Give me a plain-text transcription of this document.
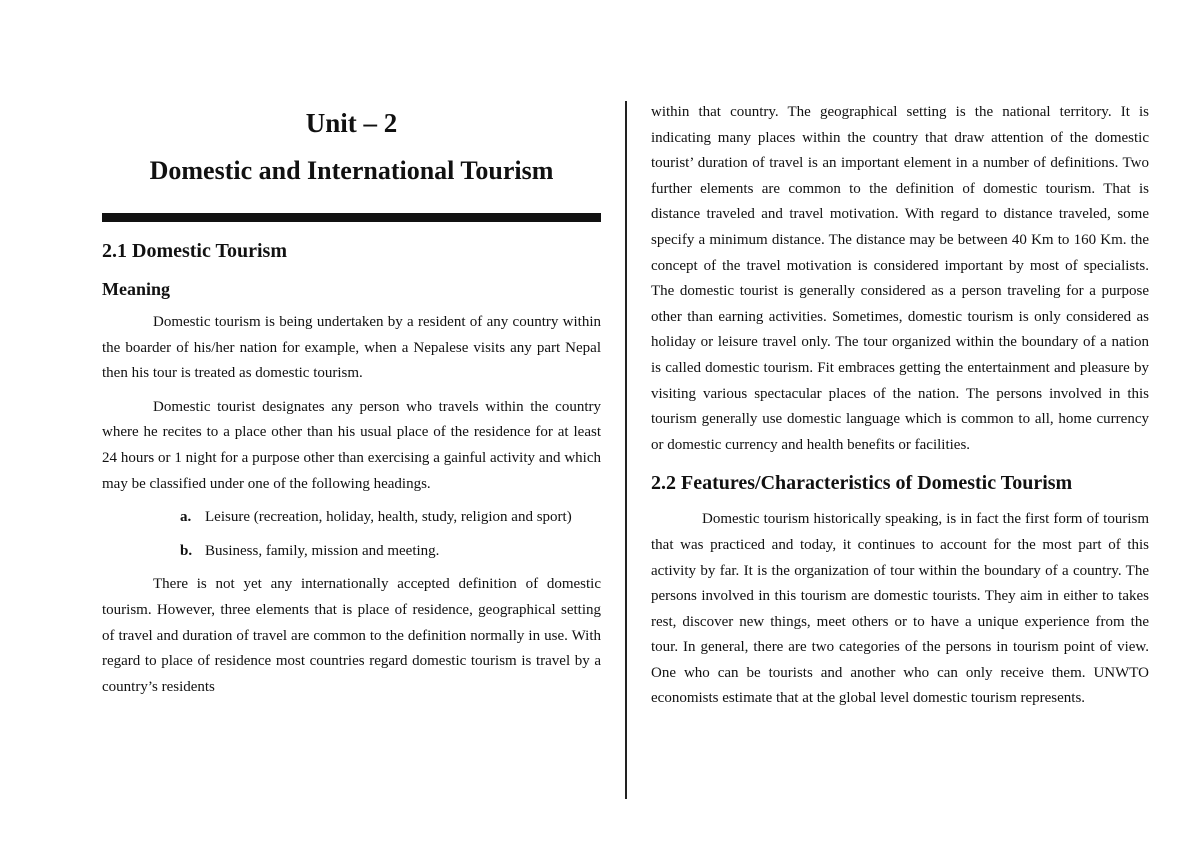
Unit – 2
Domestic and International Tourism
2.1 Domestic Tourism
Meaning

Domestic tourism is being undertaken by a resident of any country within the boarder of his/her nation for example, when a Nepalese visits any part Nepal then his tour is treated as domestic tourism.

Domestic tourist designates any person who travels within the country where he recites to a place other than his usual place of the residence for at least 24 hours or 1 night for a purpose other than exercising a gainful activity and which may be classified under one of the following headings.

a. Leisure (recreation, holiday, health, study, religion and sport)
b. Business, family, mission and meeting.

There is not yet any internationally accepted definition of domestic tourism. However, three elements that is place of residence, geographical setting of travel and duration of travel are common to the definition normally in use. With regard to place of residence most countries regard domestic tourism is travel by a country’s residents

within that country. The geographical setting is the national territory. It is indicating many places within the country that draw attention of the domestic tourist’ duration of travel is an important element in a number of definitions. Two further elements are common to the definition of domestic tourism. That is distance traveled and travel motivation. With regard to distance traveled, some specify a minimum distance. The distance may be between 40 Km to 160 Km. the concept of the travel motivation is considered important by most of specialists. The domestic tourist is generally considered as a person traveling for a purpose other than earning activities. Sometimes, domestic tourism is only considered as holiday or leisure travel only. The tour organized within the boundary of a nation is called domestic tourism. Fit embraces getting the entertainment and pleasure by visiting various spectacular places of the nation. The persons involved in this tourism generally use domestic language which is common to all, home currency or domestic currency and health benefits or facilities.

2.2 Features/Characteristics of Domestic Tourism

Domestic tourism historically speaking, is in fact the first form of tourism that was practiced and today, it continues to account for the most part of this activity by far. It is the organization of tour within the boundary of a country. The persons involved in this tourism are domestic tourists. They aim in either to takes rest, discover new things, meet others or to have a unique experience from the tour. In general, there are two categories of the persons in tourism point of view. One who can be tourists and another who can only receive them. UNWTO economists estimate that at the global level domestic tourism represents.
